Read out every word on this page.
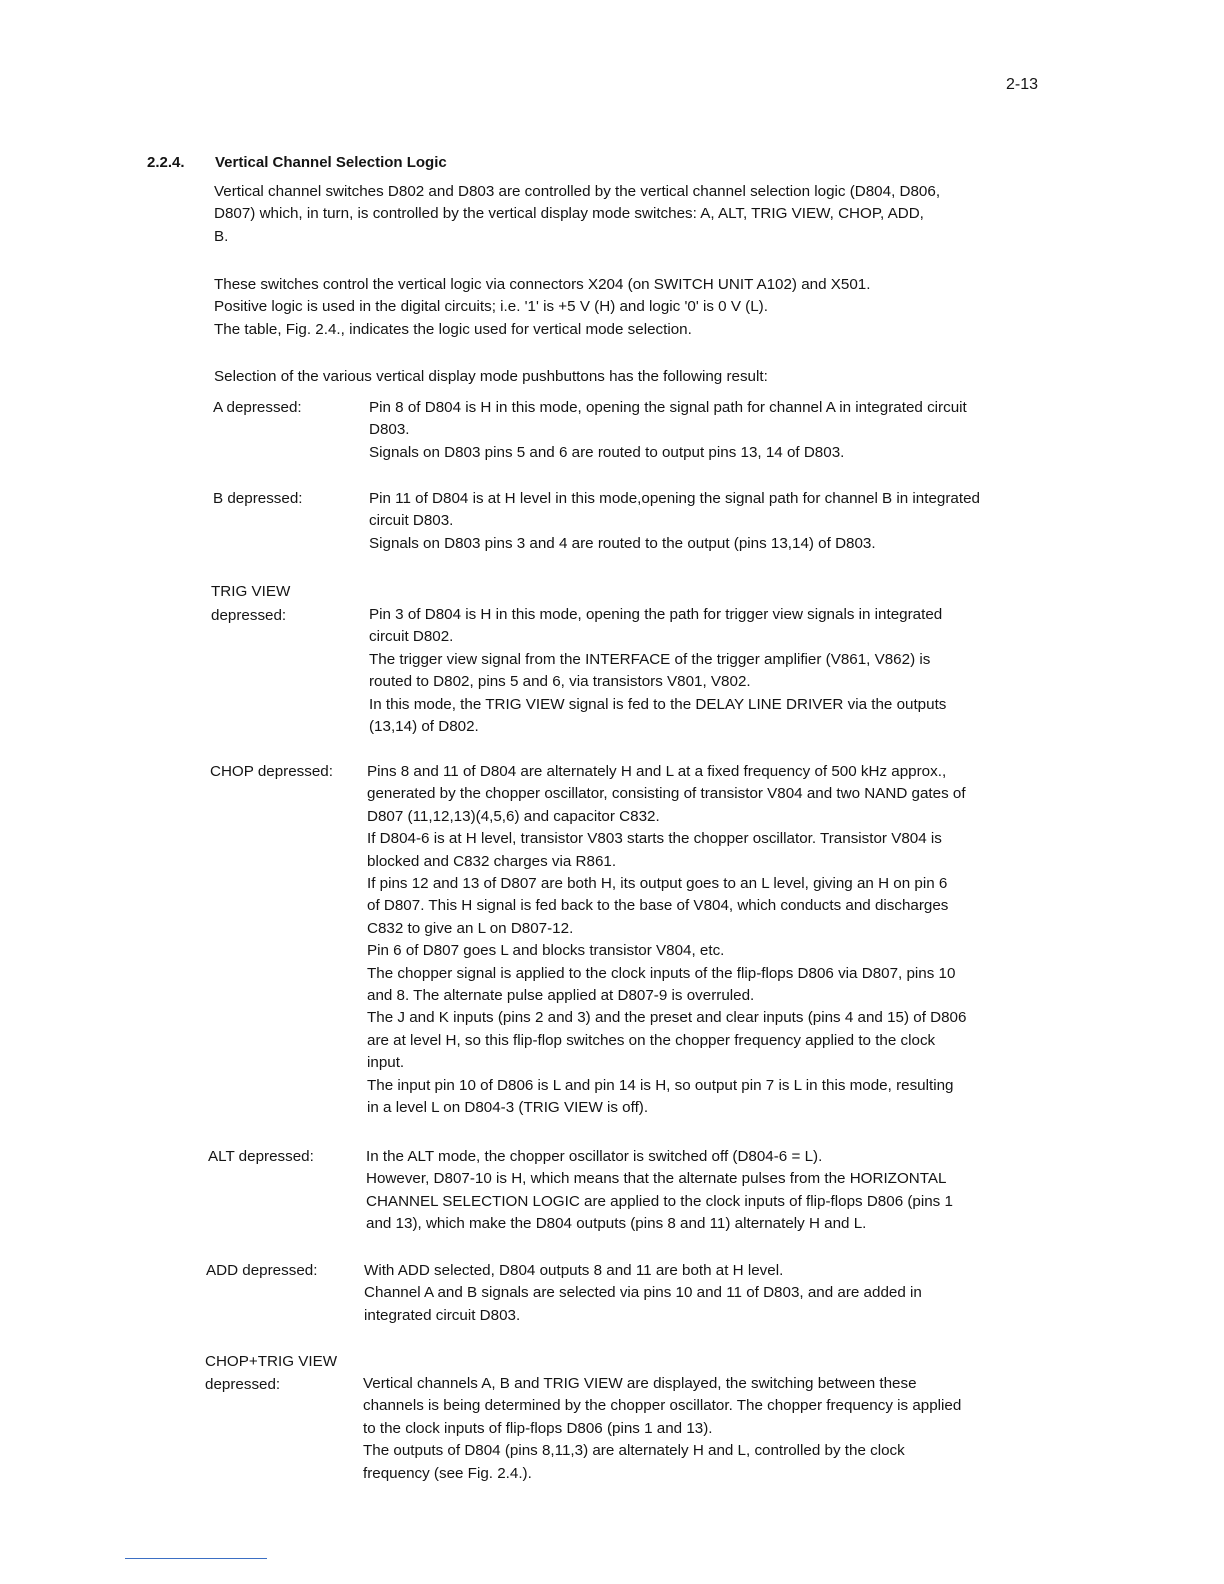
2-13
2.2.4. Vertical Channel Selection Logic

Vertical channel switches D802 and D803 are controlled by the vertical channel selection logic (D804, D806,
D807) which, in turn, is controlled by the vertical display mode switches: A, ALT, TRIG VIEW, CHOP, ADD,
B.

These switches control the vertical logic via connectors X204 (on SWITCH UNIT A102) and X501.
Positive logic is used in the digital circuits; i.e. '1' is +5 V (H) and logic '0' is 0 V (L).
The table, Fig. 2.4., indicates the logic used for vertical mode selection.

Selection of the various vertical display mode pushbuttons has the following result:

A depressed:	Pin 8 of D804 is H in this mode, opening the signal path for channel A in integrated circuit
D803.
Signals on D803 pins 5 and 6 are routed to output pins 13, 14 of D803.

B depressed:	Pin 11 of D804 is at H level in this mode,opening the signal path for channel B in integrated
circuit D803.
Signals on D803 pins 3 and 4 are routed to the output (pins 13,14) of D803.

TRIG VIEW
depressed:	Pin 3 of D804 is H in this mode, opening the path for trigger view signals in integrated
circuit D802.
The trigger view signal from the INTERFACE of the trigger amplifier (V861, V862) is
routed to D802, pins 5 and 6, via transistors V801, V802.
In this mode, the TRIG VIEW signal is fed to the DELAY LINE DRIVER via the outputs
(13,14) of D802.

CHOP depressed: Pins 8 and 11 of D804 are alternately H and L at a fixed frequency of 500 kHz approx.,
generated by the chopper oscillator, consisting of transistor V804 and two NAND gates of
D807 (11,12,13)(4,5,6) and capacitor C832.
If D804-6 is at H level, transistor V803 starts the chopper oscillator. Transistor V804 is
blocked and C832 charges via R861.
If pins 12 and 13 of D807 are both H, its output goes to an L level, giving an H on pin 6
of D807. This H signal is fed back to the base of V804, which conducts and discharges
C832 to give an L on D807-12.
Pin 6 of D807 goes L and blocks transistor V804, etc.
The chopper signal is applied to the clock inputs of the flip-flops D806 via D807, pins 10
and 8. The alternate pulse applied at D807-9 is overruled.
The J and K inputs (pins 2 and 3) and the preset and clear inputs (pins 4 and 15) of D806
are at level H, so this flip-flop switches on the chopper frequency applied to the clock
input.
The input pin 10 of D806 is L and pin 14 is H, so output pin 7 is L in this mode, resulting
in a level L on D804-3 (TRIG VIEW is off).

ALT depressed:	In the ALT mode, the chopper oscillator is switched off (D804-6 = L).
However, D807-10 is H, which means that the alternate pulses from the HORIZONTAL
CHANNEL SELECTION LOGIC are applied to the clock inputs of flip-flops D806 (pins 1
and 13), which make the D804 outputs (pins 8 and 11) alternately H and L.

ADD depressed:	With ADD selected, D804 outputs 8 and 11 are both at H level.
Channel A and B signals are selected via pins 10 and 11 of D803, and are added in
integrated circuit D803.

CHOP+TRIG VIEW
depressed:	Vertical channels A, B and TRIG VIEW are displayed, the switching between these
channels is being determined by the chopper oscillator. The chopper frequency is applied
to the clock inputs of flip-flops D806 (pins 1 and 13).
The outputs of D804 (pins 8,11,3) are alternately H and L, controlled by the clock
frequency (see Fig. 2.4.).
